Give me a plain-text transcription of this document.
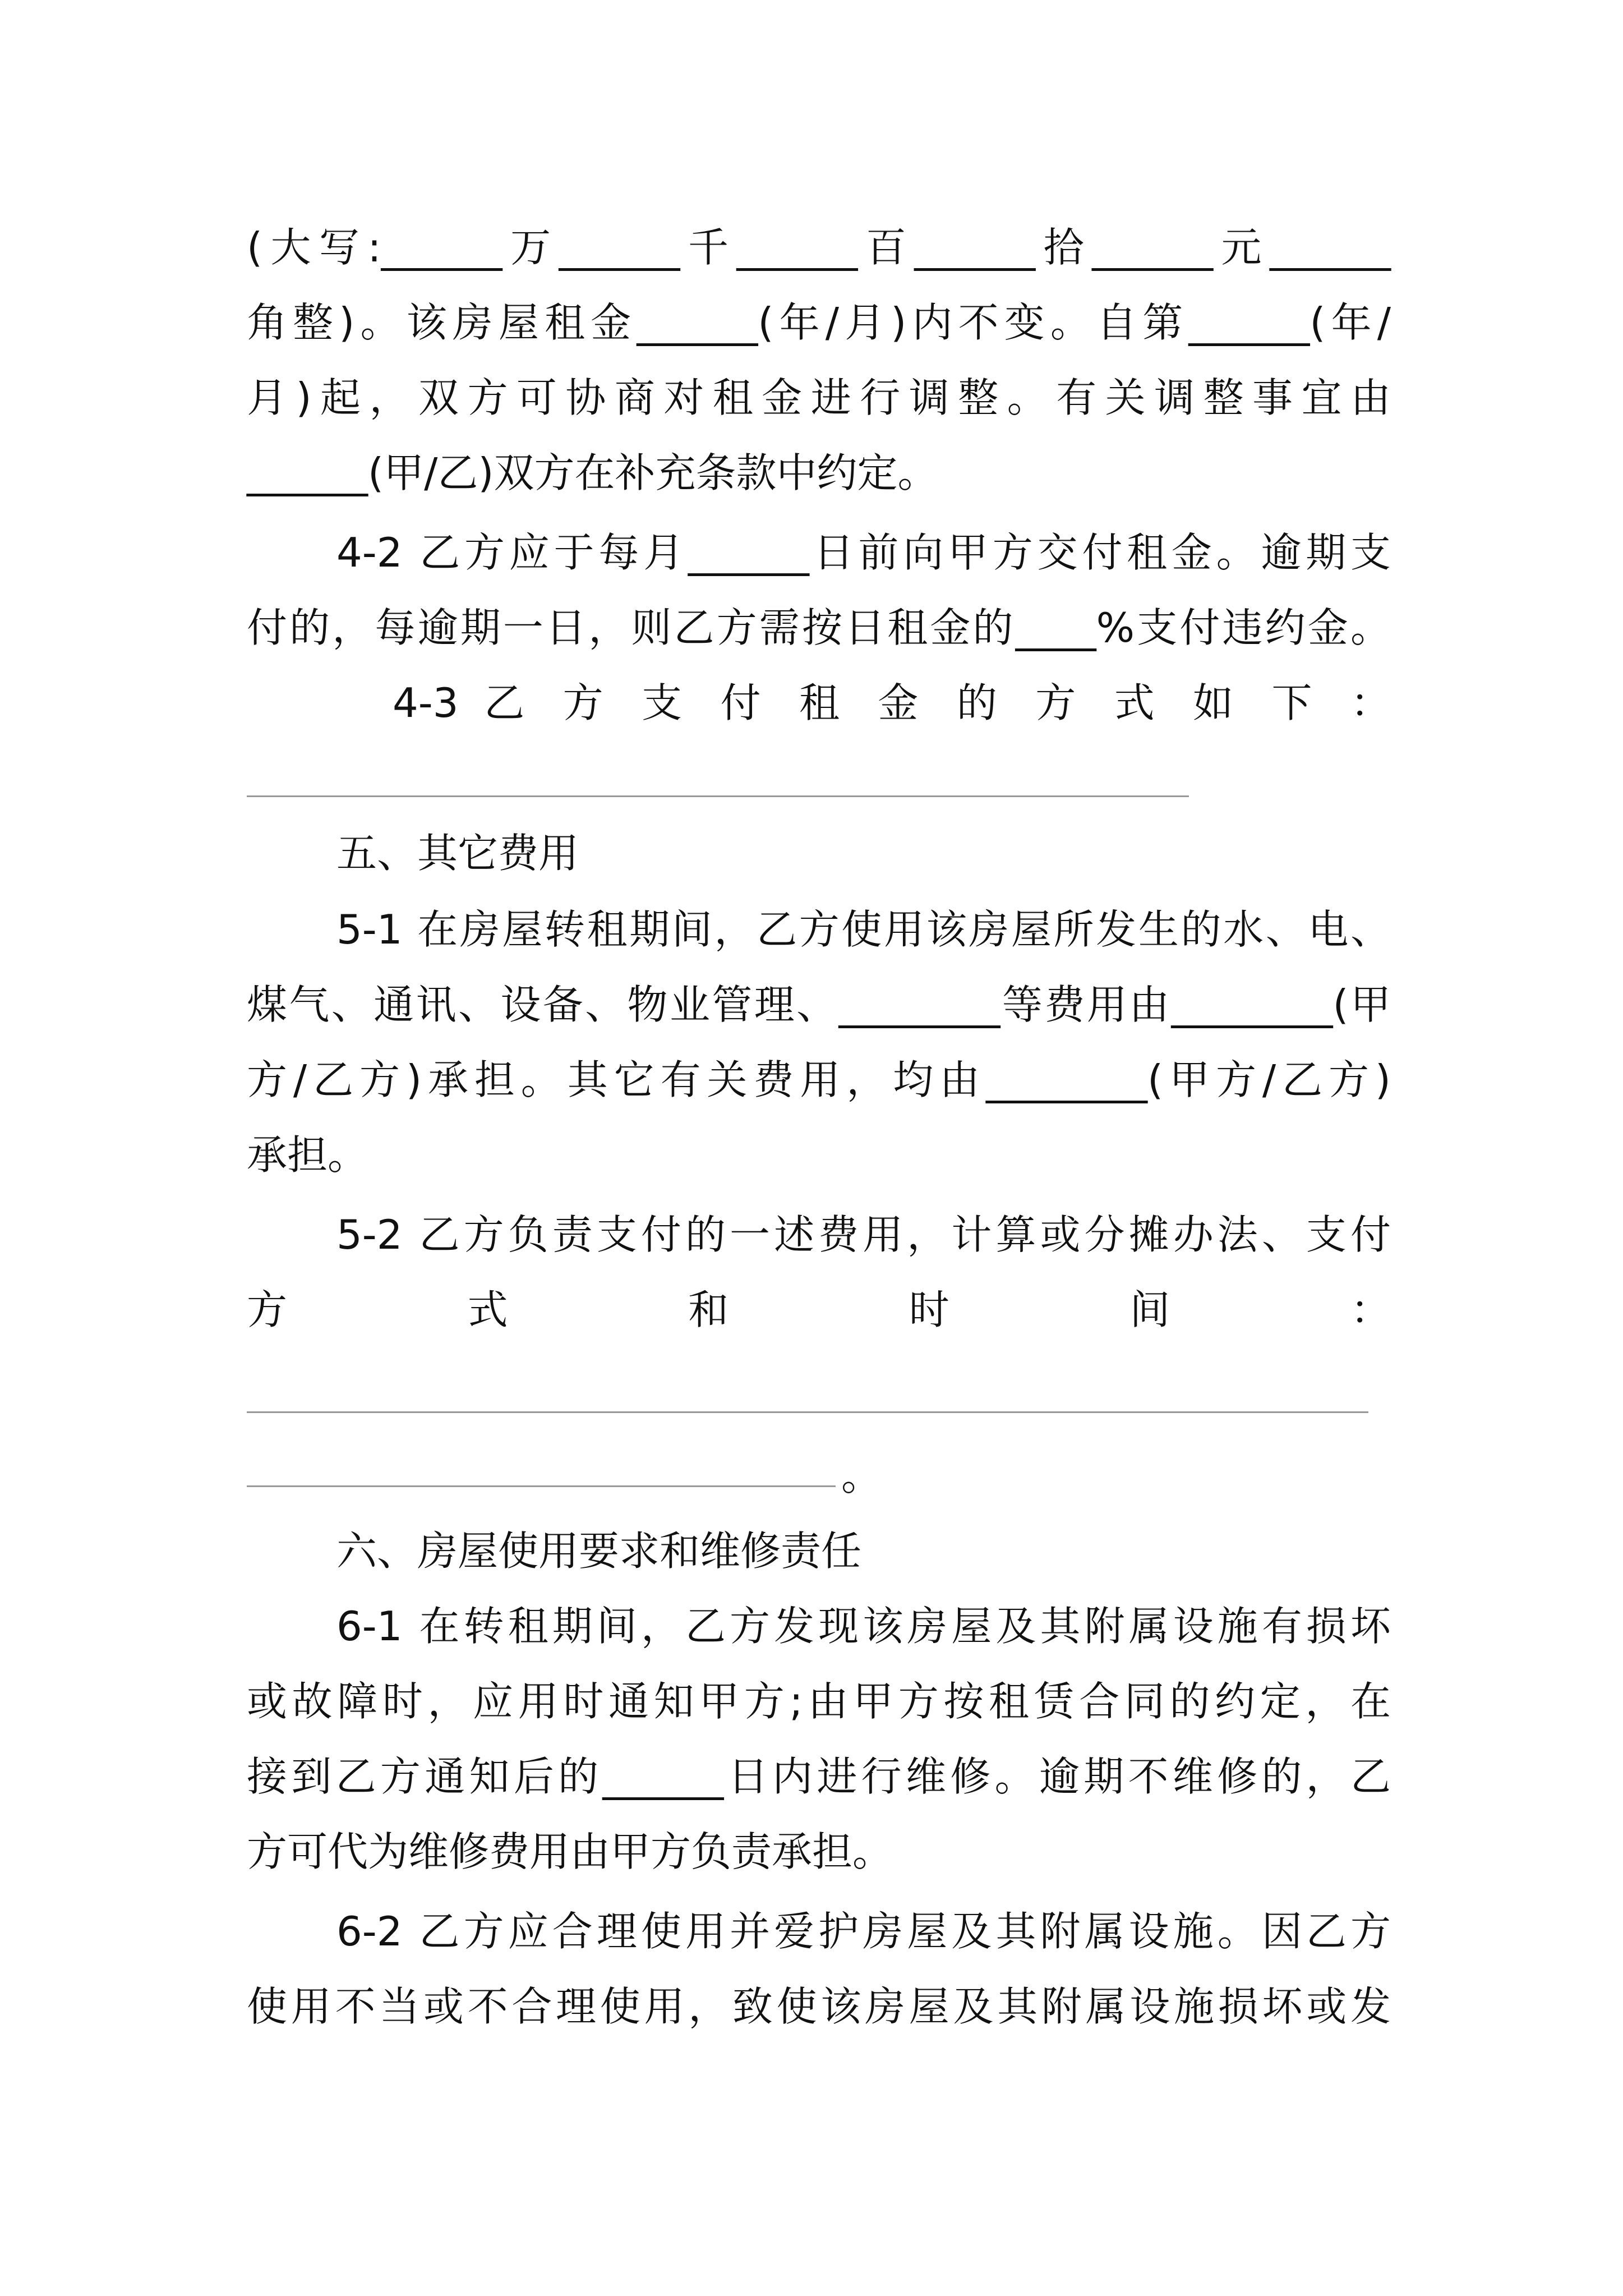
(大写:______万______千______百______拾______元______
角整)。该房屋租金______(年/月)内不变。自第______(年/
月)起，双方可协商对租金进行调整。有关调整事宜由
______(甲/乙)双方在补充条款中约定。
4-2 乙方应于每月______日前向甲方交付租金。逾期支
付的，每逾期一日，则乙方需按日租金的____%支付违约金。
4-3 乙 方 支 付 租 金 的 方 式 如 下 ：
五、其它费用
5-1 在房屋转租期间，乙方使用该房屋所发生的水、电、
煤气、通讯、设备、物业管理、________等费用由________(甲
方/乙方)承担。其它有关费用，均由________(甲方/乙方)
承担。
5-2 乙方负责支付的一述费用，计算或分摊办法、支付
方 式 和 时 间 ：
。
六、房屋使用要求和维修责任
6-1 在转租期间，乙方发现该房屋及其附属设施有损坏
或故障时，应用时通知甲方;由甲方按租赁合同的约定，在
接到乙方通知后的______日内进行维修。逾期不维修的，乙
方可代为维修费用由甲方负责承担。
6-2 乙方应合理使用并爱护房屋及其附属设施。因乙方
使用不当或不合理使用，致使该房屋及其附属设施损坏或发
